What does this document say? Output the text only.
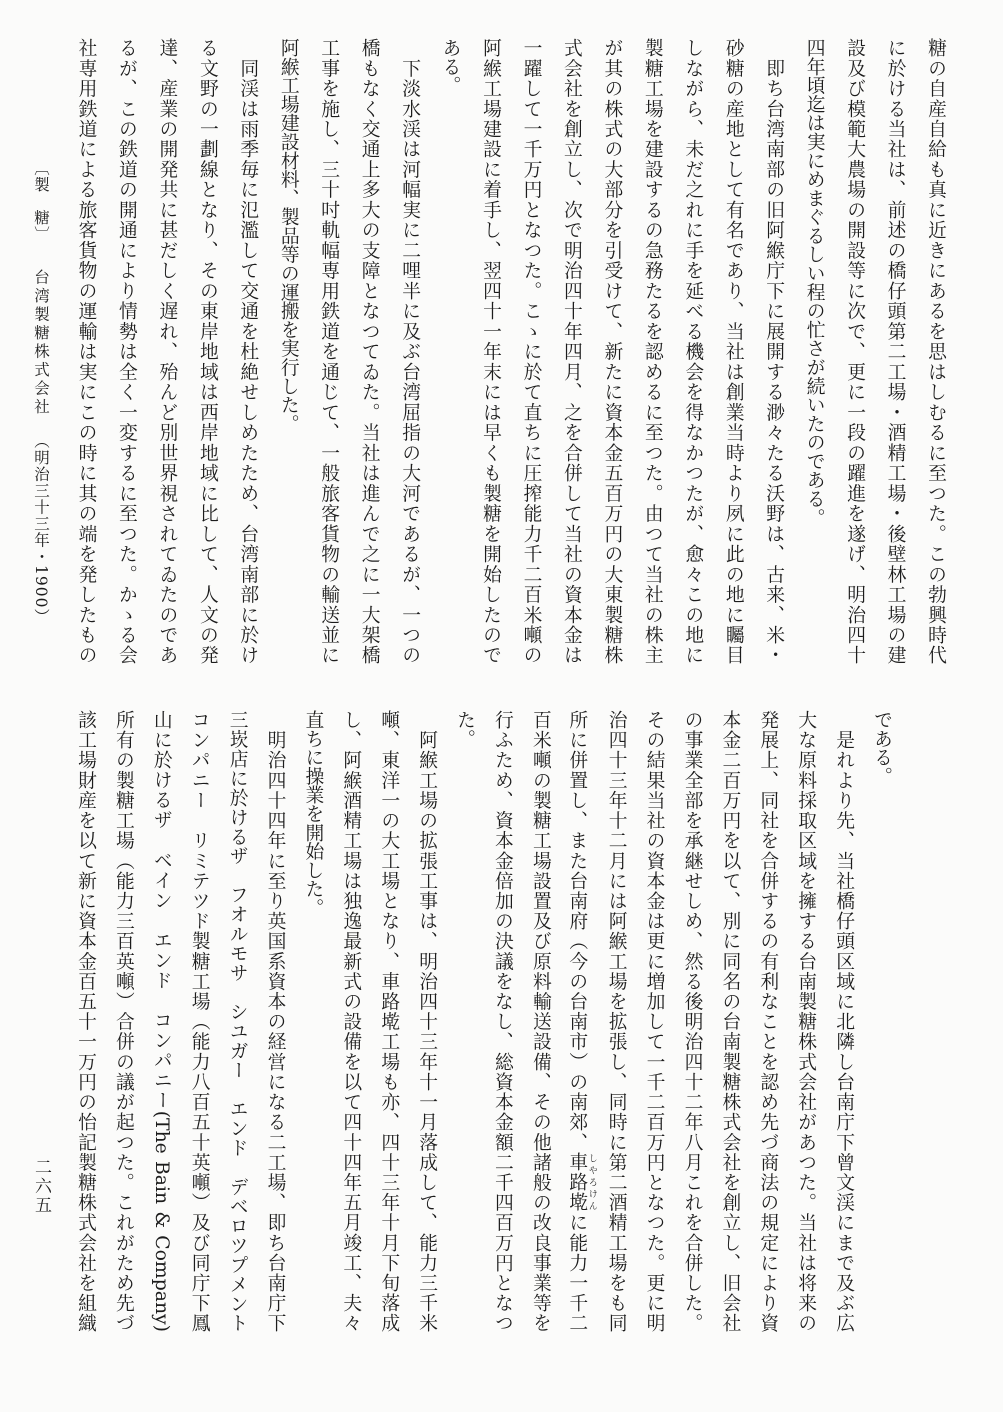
〔製　糖〕台湾製糖株式会社（明治三十三年・1900）	糖の自産自給も真に近きにあるを思はしむるに至つた。この勃興時代
に於ける当社は、前述の橋仔頭第二工場・酒精工場・後壁林工場の建
設及び模範大農場の開設等に次で、更に一段の躍進を遂げ、明治四十
四年頃迄は実にめまぐるしい程の忙さが続いたのである。
　即ち台湾南部の旧阿緱庁下に展開する渺々たる沃野は、古来、米・
砂糖の産地として有名であり、当社は創業当時より夙に此の地に矚目
しながら、未だ之れに手を延べる機会を得なかつたが、愈々この地に
製糖工場を建設するの急務たるを認めるに至つた。由つて当社の株主
が其の株式の大部分を引受けて、新たに資本金五百万円の大東製糖株
式会社を創立し、次で明治四十年四月、之を合併して当社の資本金は
一躍して一千万円となつた。こゝに於て直ちに圧搾能力千二百米噸の
阿緱工場建設に着手し、翌四十一年末には早くも製糖を開始したので
ある。
　下淡水渓は河幅実に二哩半に及ぶ台湾屈指の大河であるが、一つの
橋もなく交通上多大の支障となつてゐた。当社は進んで之に一大架橋
工事を施し、三十吋軌幅専用鉄道を通じて、一般旅客貨物の輸送並に
阿緱工場建設材料、製品等の運搬を実行した。
　同渓は雨季毎に氾濫して交通を杜絶せしめたため、台湾南部に於け
る文野の一劃線となり、その東岸地域は西岸地域に比して、人文の発
達、産業の開発共に甚だしく遅れ、殆んど別世界視されてゐたのであ
るが、この鉄道の開通により情勢は全く一変するに至つた。かゝる会
社専用鉄道による旅客貨物の運輸は実にこの時に其の端を発したもの
である。
　是れより先、当社橋仔頭区域に北隣し台南庁下曾文渓にまで及ぶ広
大な原料採取区域を擁する台南製糖株式会社があつた。当社は将来の
発展上、同社を合併するの有利なことを認め先づ商法の規定により資
本金二百万円を以て、別に同名の台南製糖株式会社を創立し、旧会社
の事業全部を承継せしめ、然る後明治四十二年八月これを合併した。
その結果当社の資本金は更に増加して一千二百万円となつた。更に明
治四十三年十二月には阿緱工場を拡張し、同時に第二酒精工場をも同
所に併置し、また台南府（今の台南市）の南郊、車路墘 しやろけんに能力一千二
百米噸の製糖工場設置及び原料輸送設備、その他諸般の改良事業等を
行ふため、資本金倍加の決議をなし、総資本金額二千四百万円となつ
た。
　阿緱工場の拡張工事は、明治四十三年十一月落成して、能力三千米
噸、東洋一の大工場となり、車路墘工場も亦、四十三年十月下旬落成
し、阿緱酒精工場は独逸最新式の設備を以て四十四年五月竣工、夫々
直ちに操業を開始した。
　明治四十四年に至り英国系資本の経営になる二工場、即ち台南庁下
三崁店に於けるザ　フオルモサ　シユガー　エンド　デベロツプメント
コンパニー　リミテツド製糖工場（能力八百五十英噸）及び同庁下鳳
山に於けるザ　ベイン　エンド　コンパニー(The Bain & Company)
所有の製糖工場（能力三百英噸）合併の議が起つた。これがため先づ
該工場財産を以て新に資本金百五十一万円の怡記製糖株式会社を組織
二六五
